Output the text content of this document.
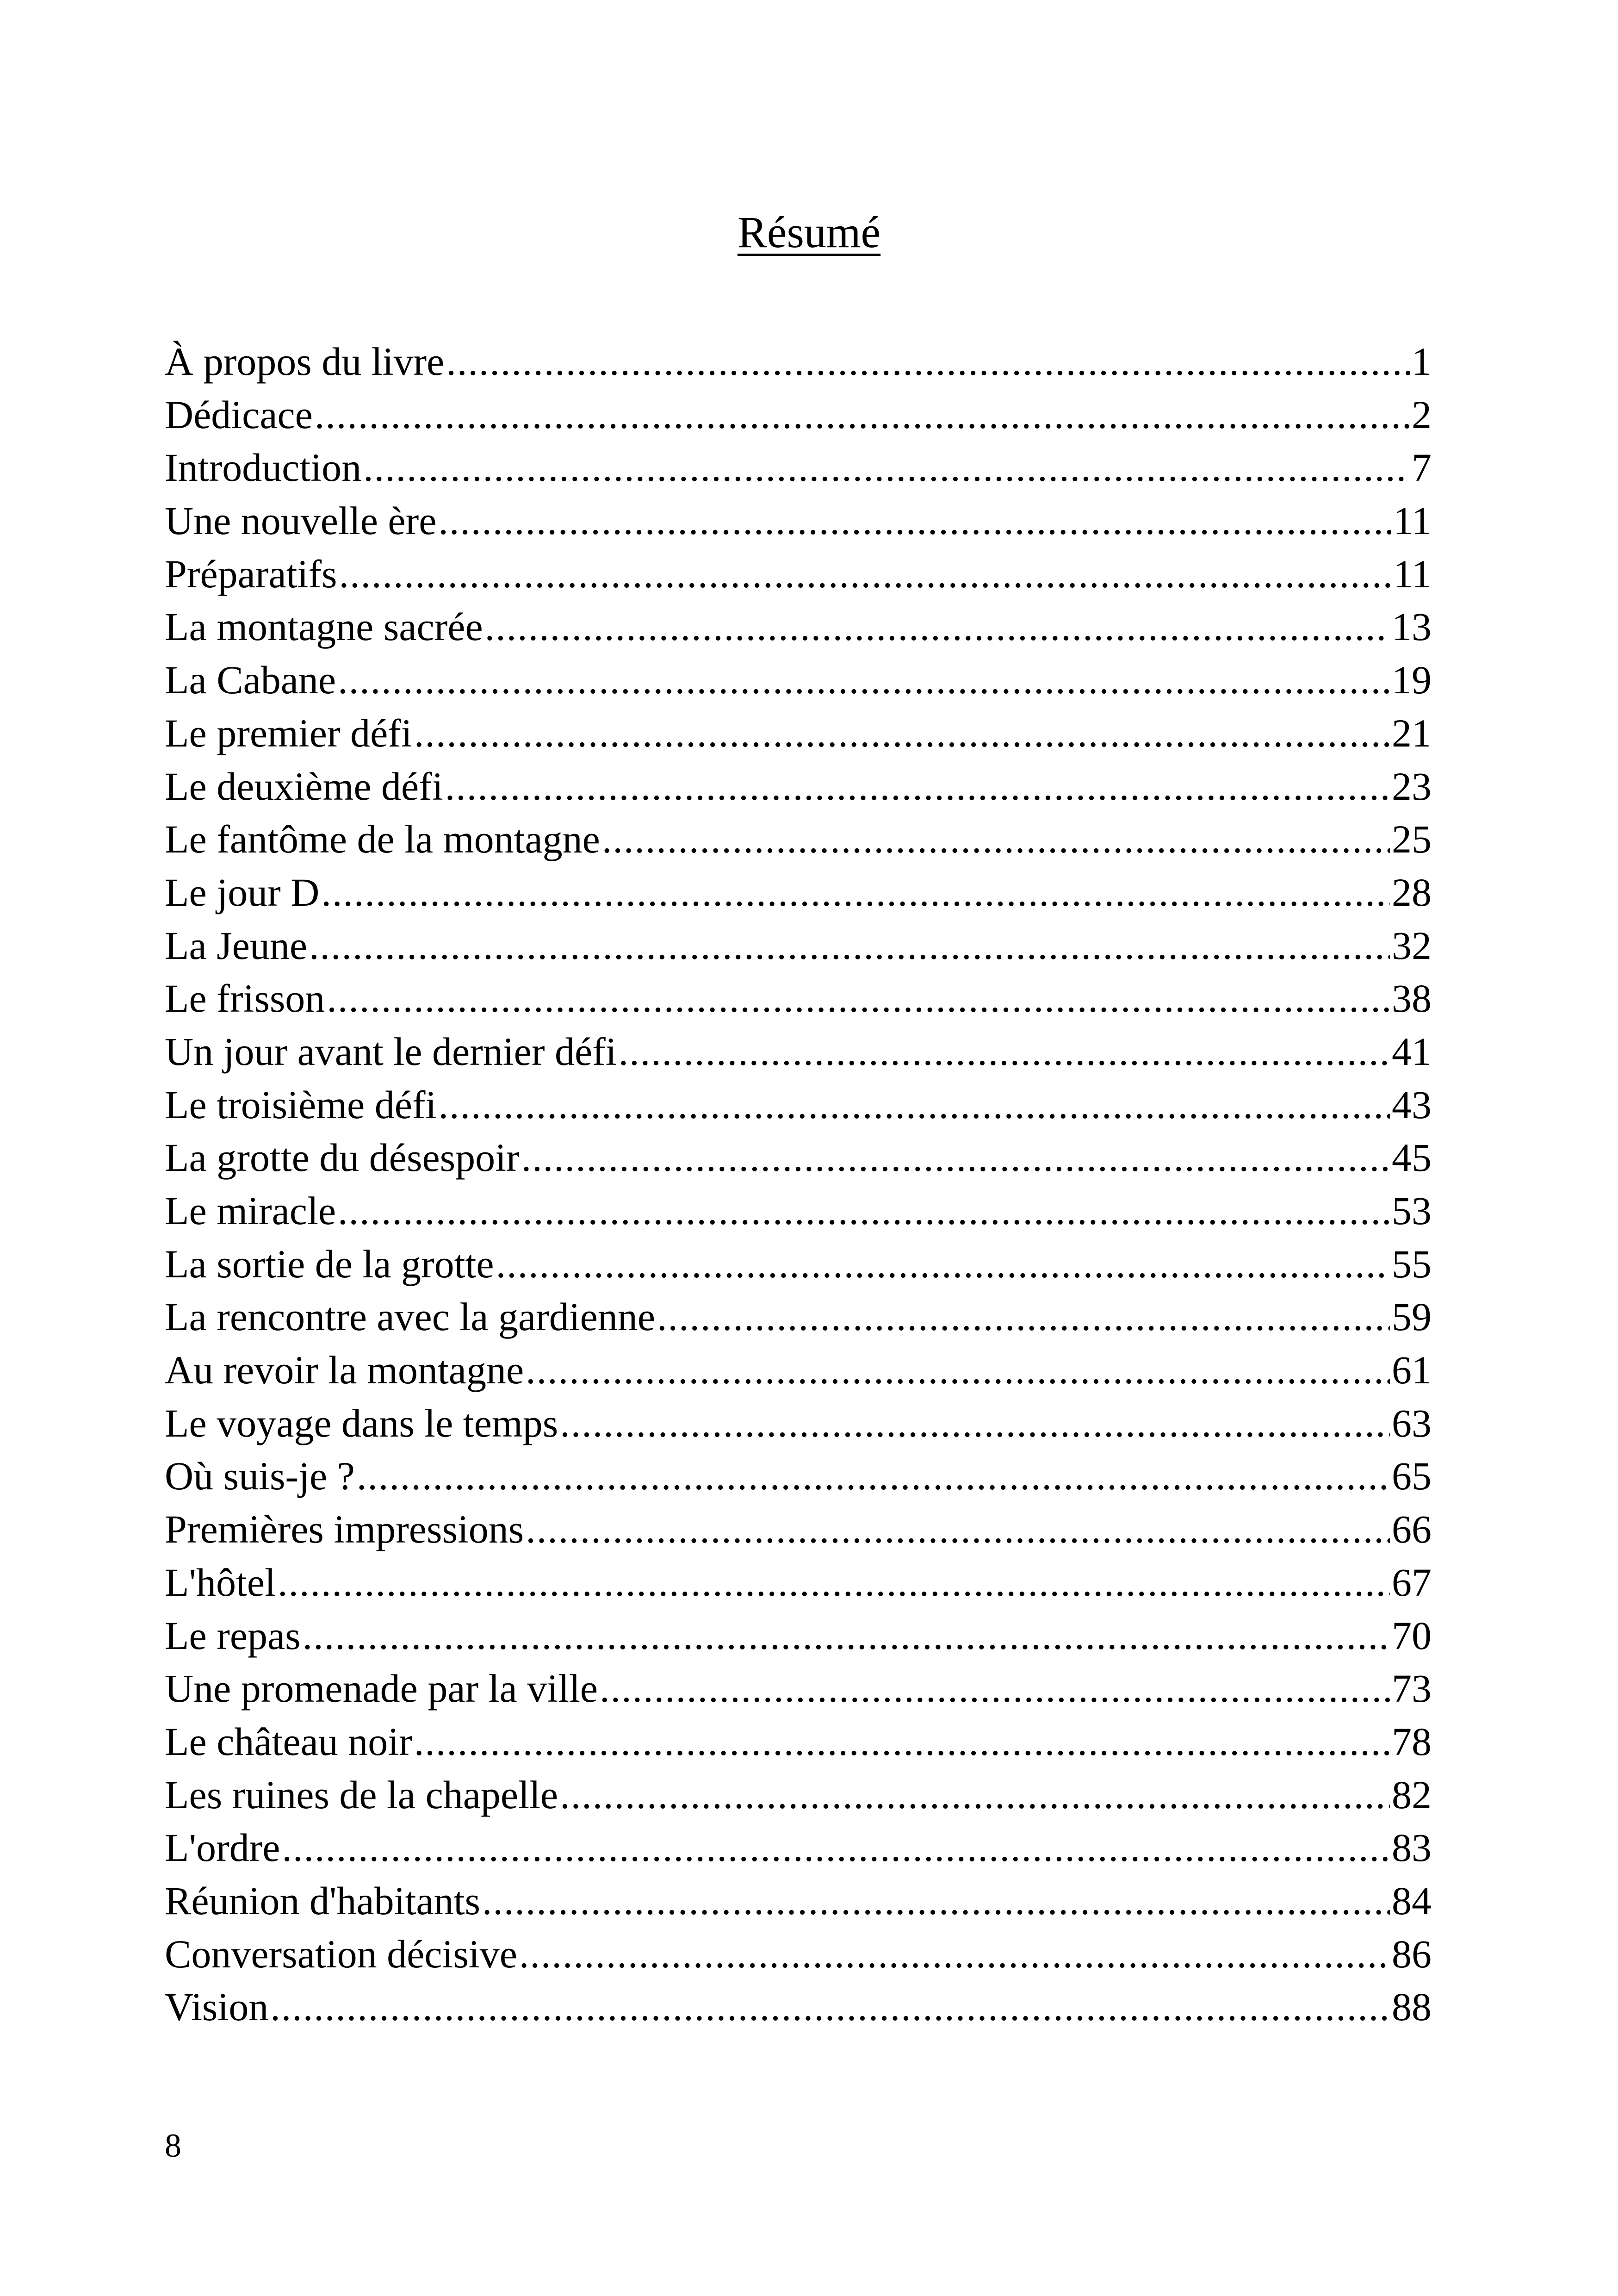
Résumé
À propos du livre .....	1
Dédicace .....	2
Introduction .....	7
Une nouvelle ère .....	11
Préparatifs .....	11
La montagne sacrée .....	13
La Cabane .....	19
Le premier défi .....	21
Le deuxième défi .....	23
Le fantôme de la montagne .....	25
Le jour D .....	28
La Jeune .....	32
Le frisson .....	38
Un jour avant le dernier défi .....	41
Le troisième défi .....	43
La grotte du désespoir .....	45
Le miracle .....	53
La sortie de la grotte .....	55
La rencontre avec la gardienne .....	59
Au revoir la montagne .....	61
Le voyage dans le temps .....	63
Où suis-je ? .....	65
Premières impressions .....	66
L'hôtel .....	67
Le repas .....	70
Une promenade par la ville .....	73
Le château noir .....	78
Les ruines de la chapelle .....	82
L'ordre .....	83
Réunion d'habitants .....	84
Conversation décisive .....	86
Vision .....	88
8
